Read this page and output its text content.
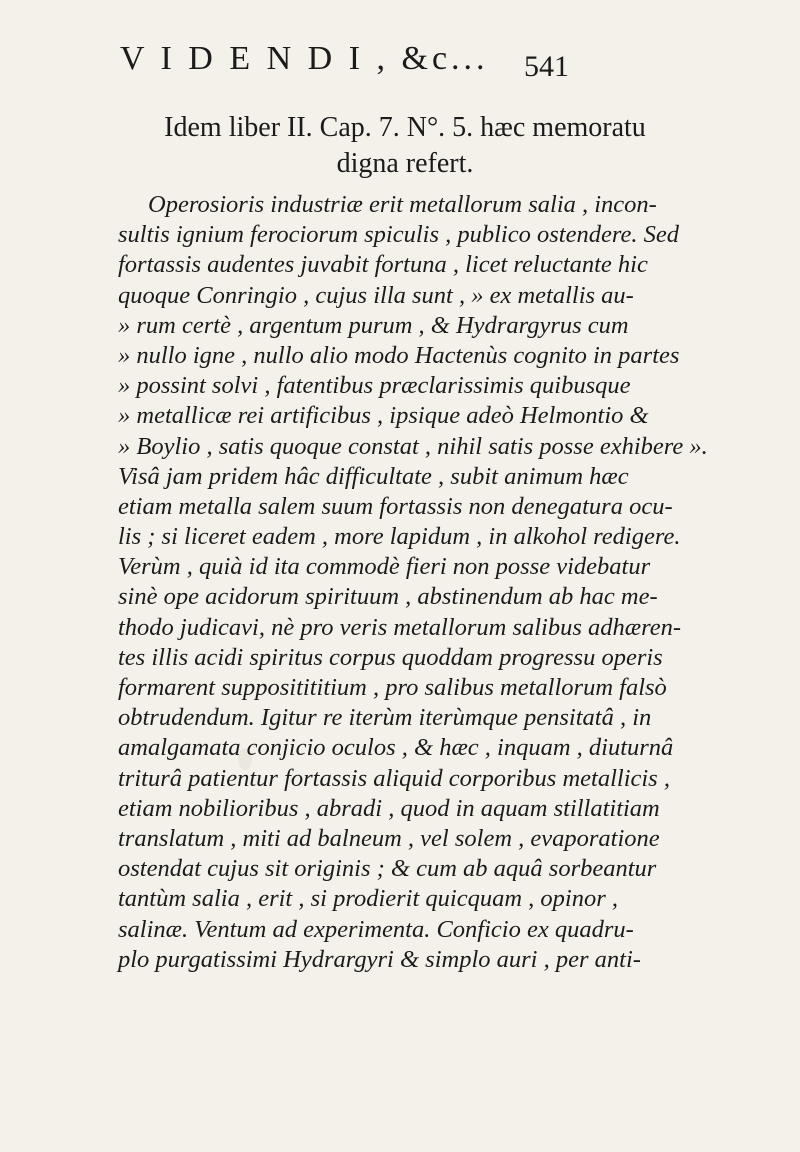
V I D E N D I , &c... 541
Idem liber II. Cap. 7. N°. 5. hæc memoratu
digna refert.
Operosioris industriæ erit metallorum salia , incon-
sultis ignium ferociorum spiculis , publico ostendere. Sed
fortassis audentes juvabit fortuna , licet reluctante hic
quoque Conringio , cujus illa sunt , » ex metallis au-
» rum certè , argentum purum , & Hydrargyrus cum
» nullo igne , nullo alio modo Hactenùs cognito in partes
» possint solvi , fatentibus præclarissimis quibusque
» metallicæ rei artificibus , ipsique adeò Helmontio &
» Boylio , satis quoque constat , nihil satis posse exhibere ».
Visâ jam pridem hâc difficultate , subit animum hæc
etiam metalla salem suum fortassis non denegatura ocu-
lis ; si liceret eadem , more lapidum , in alkohol redigere.
Verùm , quià id ita commodè fieri non posse videbatur
sinè ope acidorum spirituum , abstinendum ab hac me-
thodo judicavi, nè pro veris metallorum salibus adhæren-
tes illis acidi spiritus corpus quoddam progressu operis
formarent suppositititium , pro salibus metallorum falsò
obtrudendum. Igitur re iterùm iterùmque pensitatâ , in
amalgamata conjicio oculos , & hæc , inquam , diuturnâ
triturâ patientur fortassis aliquid corporibus metallicis ,
etiam nobilioribus , abradi , quod in aquam stillatitiam
translatum , miti ad balneum , vel solem , evaporatione
ostendat cujus sit originis ; & cum ab aquâ sorbeantur
tantùm salia , erit , si prodierit quicquam , opinor ,
salinæ. Ventum ad experimenta. Conficio ex quadru-
plo purgatissimi Hydrargyri & simplo auri , per anti-
